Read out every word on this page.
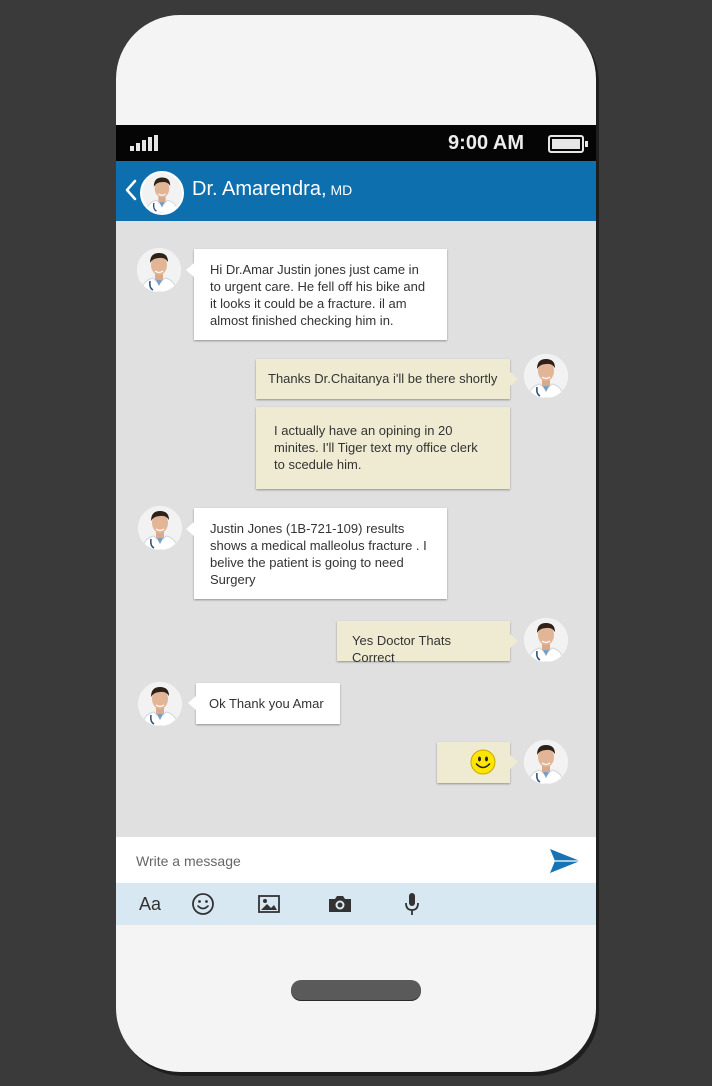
9:00 AM
Dr. Amarendra, MD
Hi Dr.Amar Justin jones just came in to urgent care. He fell off his bike and it looks it could be a fracture. il am almost finished checking him in.
Thanks Dr.Chaitanya i'll be there shortly
I actually have an opining in 20 minites. I'll Tiger text my office clerk to scedule him.
Justin Jones (1B-721-109) results shows a medical malleolus fracture . I belive the patient is going to need Surgery
Yes Doctor Thats Correct
Ok Thank you Amar
Write a message
Aa
